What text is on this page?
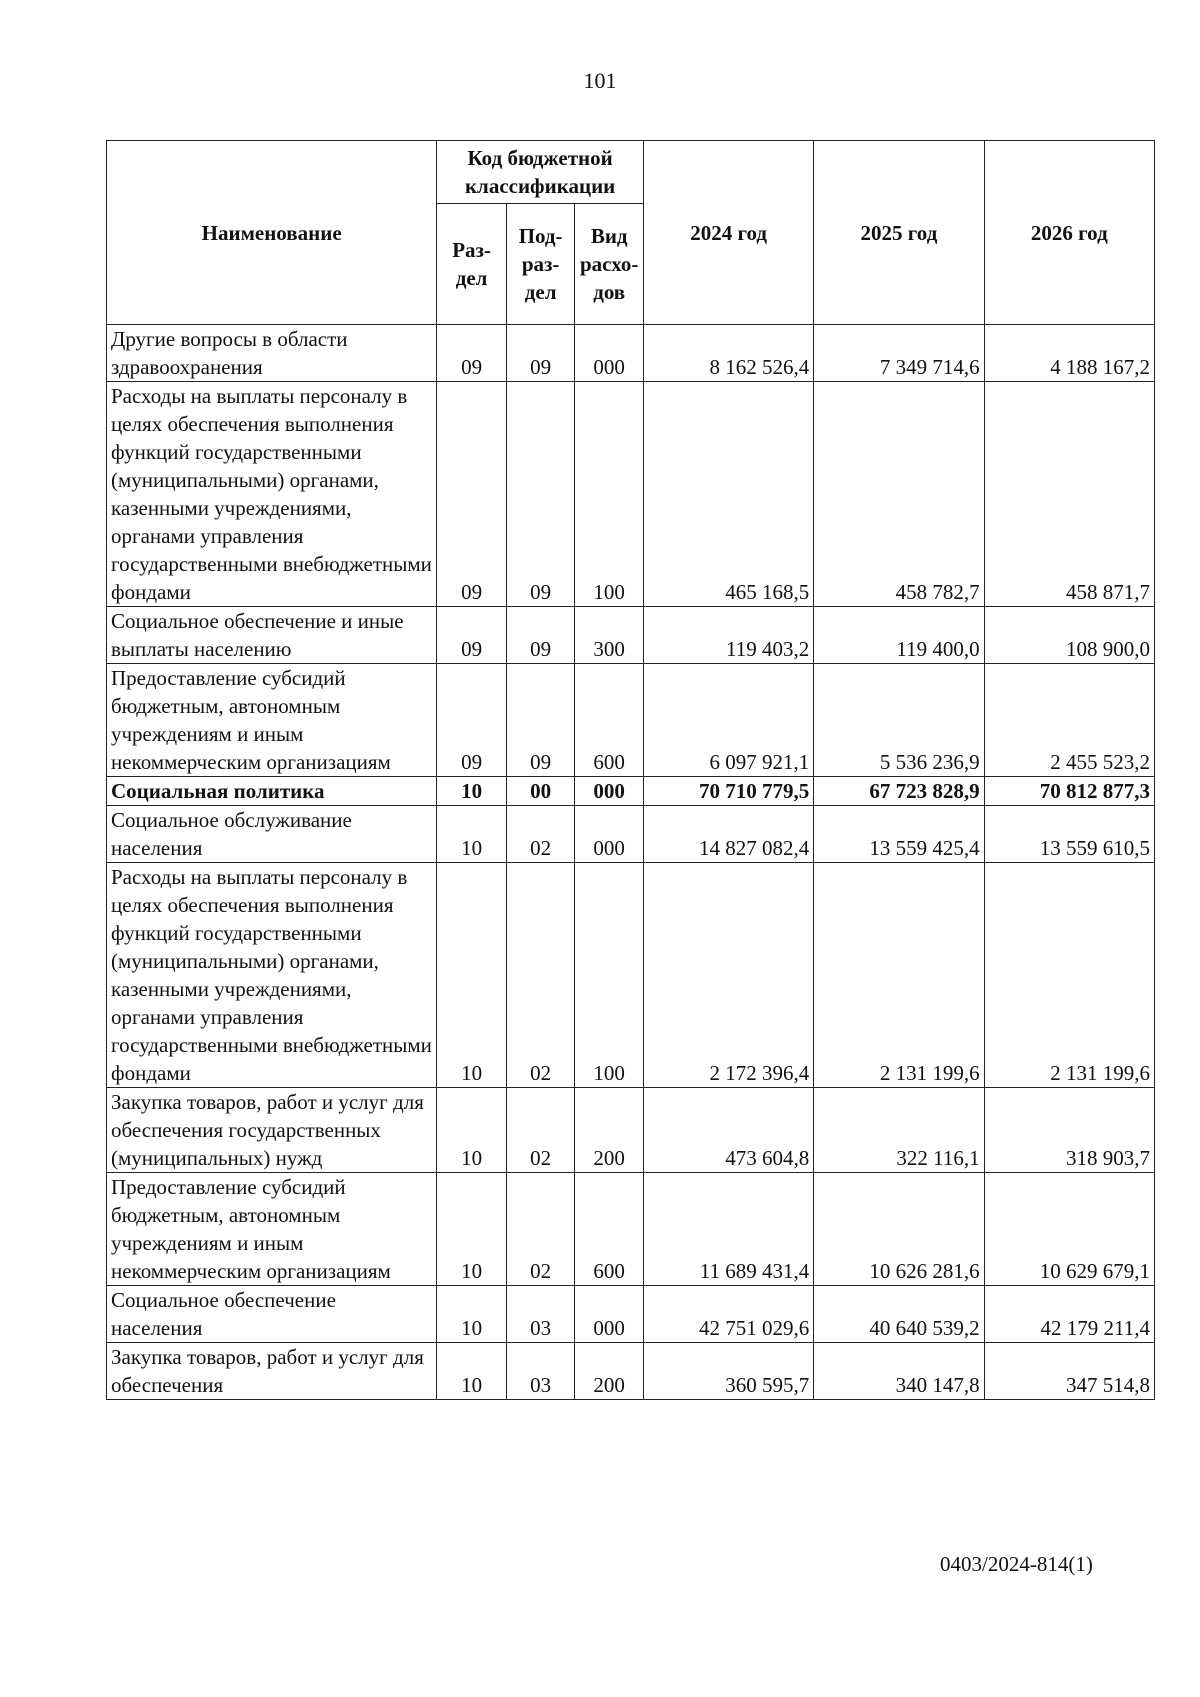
101
Наименование	Код бюджетной классификации			2024 год	2025 год	2026 год
	Раз-дел	Под-раз-дел	Вид расхо-дов			
Другие вопросы в области здравоохранения	09	09	000	8 162 526,4	7 349 714,6	4 188 167,2
Расходы на выплаты персоналу в целях обеспечения выполнения функций государственными (муниципальными) органами, казенными учреждениями, органами управления государственными внебюджетными фондами	09	09	100	465 168,5	458 782,7	458 871,7
Социальное обеспечение и иные выплаты населению	09	09	300	119 403,2	119 400,0	108 900,0
Предоставление субсидий бюджетным, автономным учреждениям и иным некоммерческим организациям	09	09	600	6 097 921,1	5 536 236,9	2 455 523,2
Социальная политика	10	00	000	70 710 779,5	67 723 828,9	70 812 877,3
Социальное обслуживание населения	10	02	000	14 827 082,4	13 559 425,4	13 559 610,5
Расходы на выплаты персоналу в целях обеспечения выполнения функций государственными (муниципальными) органами, казенными учреждениями, органами управления государственными внебюджетными фондами	10	02	100	2 172 396,4	2 131 199,6	2 131 199,6
Закупка товаров, работ и услуг для обеспечения государственных (муниципальных) нужд	10	02	200	473 604,8	322 116,1	318 903,7
Предоставление субсидий бюджетным, автономным учреждениям и иным некоммерческим организациям	10	02	600	11 689 431,4	10 626 281,6	10 629 679,1
Социальное обеспечение населения	10	03	000	42 751 029,6	40 640 539,2	42 179 211,4
Закупка товаров, работ и услуг для обеспечения	10	03	200	360 595,7	340 147,8	347 514,8
0403/2024-814(1)
